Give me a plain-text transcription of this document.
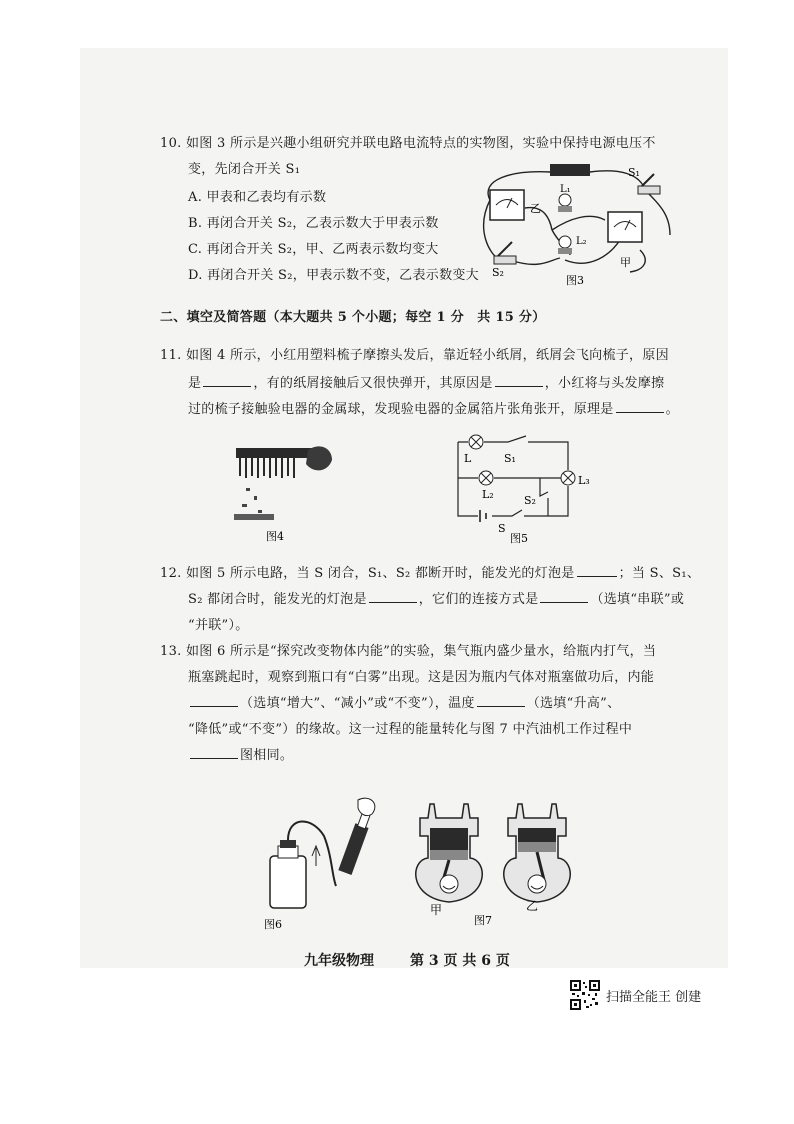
10. 如图 3 所示是兴趣小组研究并联电路电流特点的实物图，实验中保持电源电压不
变，先闭合开关 S₁
A. 甲表和乙表均有示数
B. 再闭合开关 S₂，乙表示数大于甲表示数
C. 再闭合开关 S₂，甲、乙两表示数均变大
D. 再闭合开关 S₂，甲表示数不变，乙表示数变大
S₁
乙
L₁
L₂
S₂
甲
图3
二、填空及简答题（本大题共 5 个小题；每空 1 分　共 15 分）
11. 如图 4 所示，小红用塑料梳子摩擦头发后，靠近轻小纸屑，纸屑会飞向梳子，原因
是	，有的纸屑接触后又很快弹开，其原因是	，小红将与头发摩擦
过的梳子接触验电器的金属球，发现验电器的金属箔片张角张开，原理是	。
图4
L	S₁
L₂
L₃
S₂
S
图5
12. 如图 5 所示电路，当 S 闭合，S₁、S₂ 都断开时，能发光的灯泡是	；当 S、S₁、
S₂ 都闭合时，能发光的灯泡是	，它们的连接方式是	（选填“串联”或
“并联”）。
13. 如图 6 所示是“探究改变物体内能”的实验，集气瓶内盛少量水，给瓶内打气，当
瓶塞跳起时，观察到瓶口有“白雾”出现。这是因为瓶内气体对瓶塞做功后，内能
（选填“增大”、“减小”或“不变”），温度	（选填“升高”、
“降低”或“不变”）的缘故。这一过程的能量转化与图 7 中汽油机工作过程中
图相同。
图6
甲	乙
图7
九年级物理	第 3 页 共 6 页
扫描全能王 创建
